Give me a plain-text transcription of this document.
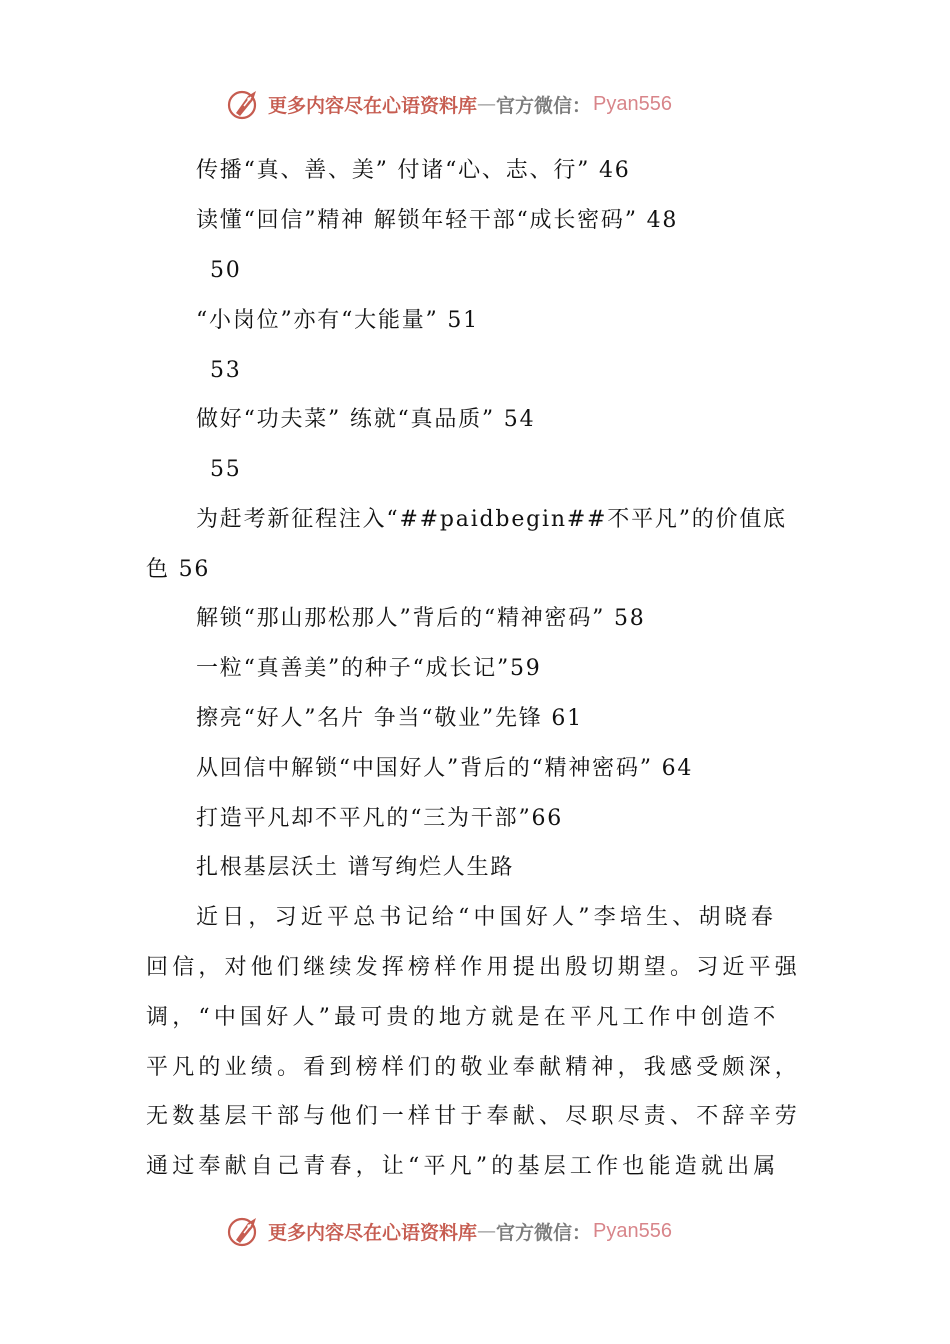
更多内容尽在心语资料库 — 官方微信： Pyan556
传播“真、善、美” 付诸“心、志、行” 46
读懂“回信”精神 解锁年轻干部“成长密码” 48
50
“小岗位”亦有“大能量” 51
53
做好“功夫菜” 练就“真品质” 54
55
为赶考新征程注入“##paidbegin##不平凡”的价值底
色 56
解锁“那山那松那人”背后的“精神密码” 58
一粒“真善美”的种子“成长记”59
擦亮“好人”名片 争当“敬业”先锋 61
从回信中解锁“中国好人”背后的“精神密码” 64
打造平凡却不平凡的“三为干部”66
扎根基层沃土 谱写绚烂人生路
近日，习近平总书记给“中国好人”李培生、胡晓春
回信，对他们继续发挥榜样作用提出殷切期望。习近平强
调，“中国好人”最可贵的地方就是在平凡工作中创造不
平凡的业绩。看到榜样们的敬业奉献精神，我感受颇深，
无数基层干部与他们一样甘于奉献、尽职尽责、不辞辛劳
通过奉献自己青春，让“平凡”的基层工作也能造就出属
更多内容尽在心语资料库 — 官方微信： Pyan556
